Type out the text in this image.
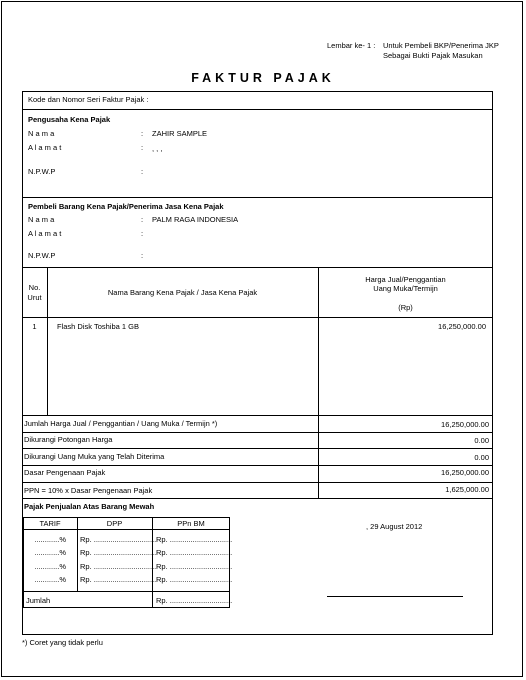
Lembar ke- 1 : Untuk Pembeli BKP/Penerima JKP
Sebagai Bukti Pajak Masukan
FAKTUR PAJAK
Kode dan Nomor Seri Faktur Pajak :
Pengusaha Kena Pajak
N a m a	: ZAHIR SAMPLE
A l a m a t	: , , ,
N.P.W.P	:
Pembeli Barang Kena Pajak/Penerima Jasa Kena Pajak
N a m a	: PALM RAGA INDONESIA
A l a m a t	:
N.P.W.P	:
No.
Urut
Nama Barang Kena Pajak / Jasa Kena Pajak
Harga Jual/Penggantian
Uang Muka/Termijn
(Rp)
1	Flash Disk Toshiba 1 GB	16,250,000.00
Jumlah Harga Jual / Penggantian / Uang Muka / Termijn *)	16,250,000.00
Dikurangi Potongan Harga	0.00
Dikurangi Uang Muka yang Telah Diterima	0.00
Dasar Pengenaan Pajak	16,250,000.00
PPN = 10% x Dasar Pengenaan Pajak	1,625,000.00
Pajak Penjualan Atas Barang Mewah
TARIF	DPP	PPn BM
............% Rp. .............................. Rp. ..............................
............% Rp. .............................. Rp. ..............................
............% Rp. .............................. Rp. ..............................
............% Rp. .............................. Rp. ..............................
Jumlah	Rp. ..............................
, 29 August 2012
*) Coret yang tidak perlu
